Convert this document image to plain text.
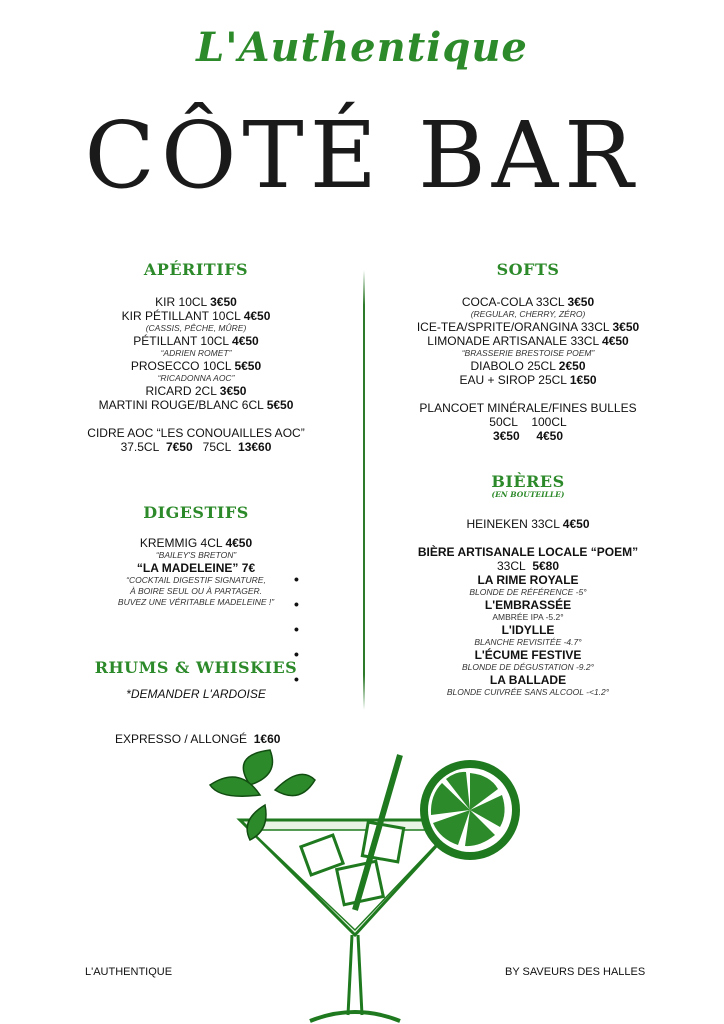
L'Authentique
CÔTÉ BAR
APÉRITIFS
KIR 10CL 3€50
KIR PÉTILLANT 10CL 4€50
(CASSIS, PÊCHE, MÛRE)
PÉTILLANT 10CL 4€50
“ADRIEN ROMET”
PROSECCO 10CL 5€50
“RICADONNA AOC”
RICARD 2CL 3€50
MARTINI ROUGE/BLANC 6CL 5€50
CIDRE AOC “LES CONOUAILLES AOC”
37.5CL 7€50 75CL 13€60
DIGESTIFS
KREMMIG 4CL 4€50
“BAILEY'S BRETON”
“LA MADELEINE” 7€
“COCKTAIL DIGESTIF SIGNATURE,
À BOIRE SEUL OU À PARTAGER.
BUVEZ UNE VÉRITABLE MADELEINE !”
RHUMS & WHISKIES
*DEMANDER L'ARDOISE
EXPRESSO / ALLONGÉ 1€60
SOFTS
COCA-COLA 33CL 3€50
(REGULAR, CHERRY, ZÉRO)
ICE-TEA/SPRITE/ORANGINA 33CL 3€50
LIMONADE ARTISANALE 33CL 4€50
“BRASSERIE BRESTOISE POEM”
DIABOLO 25CL 2€50
EAU + SIROP 25CL 1€50
PLANCOET MINÉRALE/FINES BULLES
50CL 100CL
3€50 4€50
BIÈRES
(EN BOUTEILLE)
HEINEKEN 33CL 4€50
BIÈRE ARTISANALE LOCALE “POEM”
33CL 5€80
• LA RIME ROYALE
BLONDE DE RÉFÉRENCE -5°
• L'EMBRASSÉE
AMBRÉE IPA -5.2°
• L'IDYLLE
BLANCHE REVISITÉE -4.7°
• L'ÉCUME FESTIVE
BLONDE DE DÉGUSTATION -9.2°
• LA BALLADE
BLONDE CUIVRÉE SANS ALCOOL -<1.2°
L'AUTHENTIQUE	BY SAVEURS DES HALLES
